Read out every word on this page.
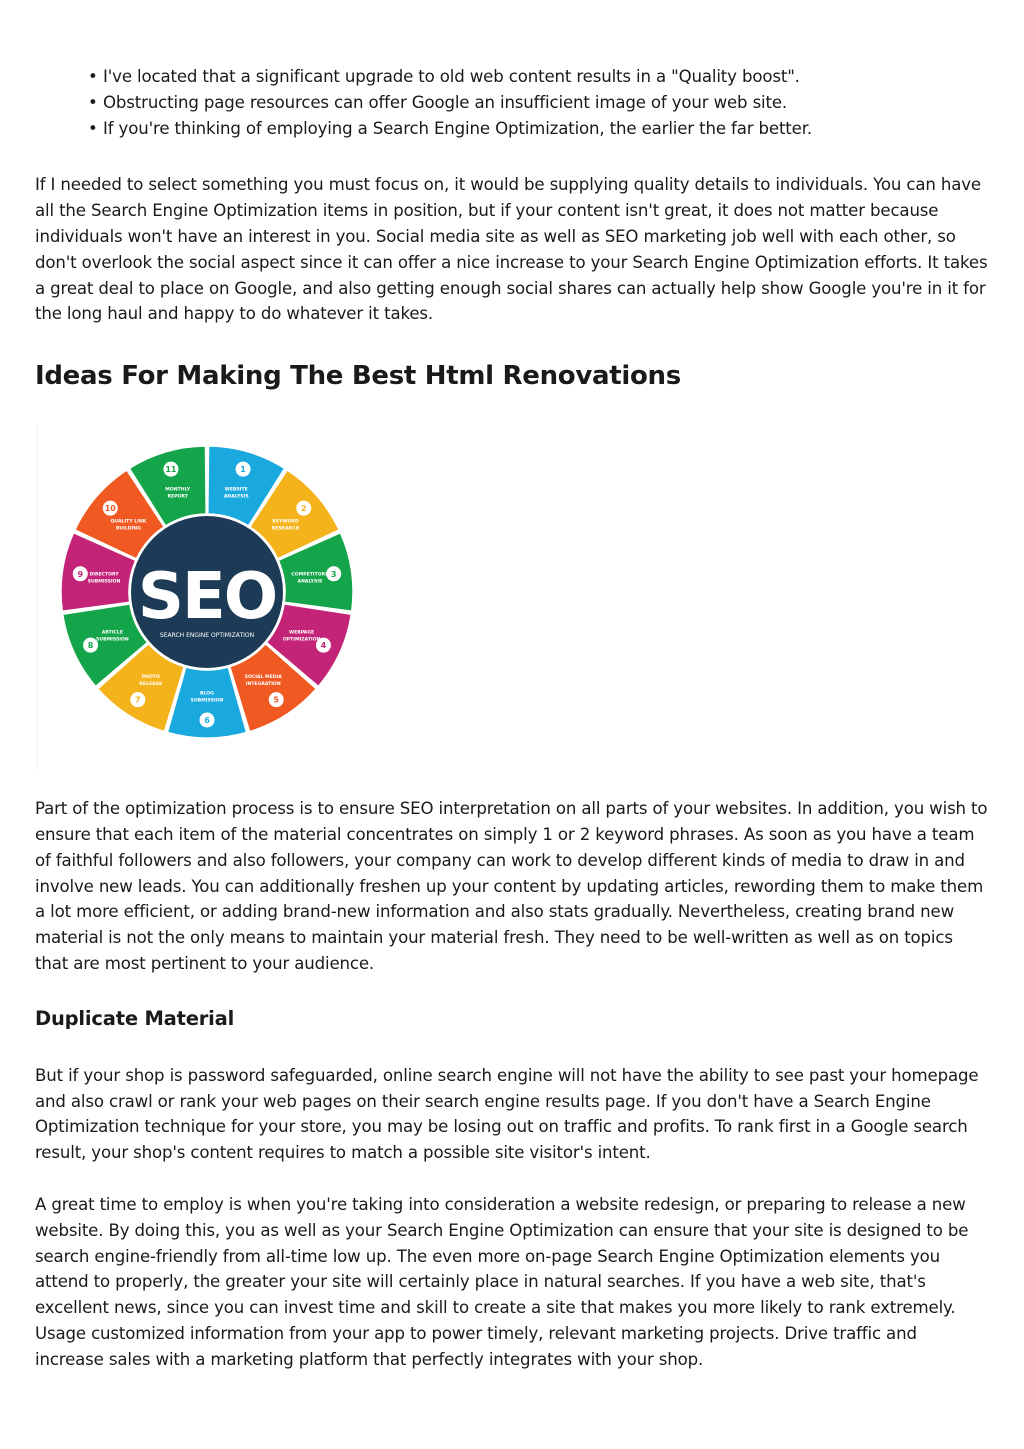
• I've located that a significant upgrade to old web content results in a "Quality boost".
• Obstructing page resources can offer Google an insufficient image of your web site.
• If you're thinking of employing a Search Engine Optimization, the earlier the far better.

If I needed to select something you must focus on, it would be supplying quality details to individuals. You can have all the Search Engine Optimization items in position, but if your content isn't great, it does not matter because individuals won't have an interest in you. Social media site as well as SEO marketing job well with each other, so don't overlook the social aspect since it can offer a nice increase to your Search Engine Optimization efforts. It takes a great deal to place on Google, and also getting enough social shares can actually help show Google you're in it for the long haul and happy to do whatever it takes.

Ideas For Making The Best Html Renovations
1
WEBSITE
ANALYSIS
2
KEYWORD
RESEARCH
3
COMPETITORS
ANALYSIS
4
WEBPAGE
OPTIMIZATION
5
SOCIAL MEDIA
INTEGRATION
6
BLOG
SUBMISSION
7
PHOTO
RELEASE
8
ARTICLE
SUBMISSION
9 DIRECTORY
SUBMISSION
10
QUALITY LINK
BUILDING
11
MONTHLY
REPORT
SEO
SEARCH ENGINE OPTIMIZATION

Part of the optimization process is to ensure SEO interpretation on all parts of your websites. In addition, you wish to ensure that each item of the material concentrates on simply 1 or 2 keyword phrases. As soon as you have a team of faithful followers and also followers, your company can work to develop different kinds of media to draw in and involve new leads. You can additionally freshen up your content by updating articles, rewording them to make them a lot more efficient, or adding brand-new information and also stats gradually. Nevertheless, creating brand new material is not the only means to maintain your material fresh. They need to be well-written as well as on topics that are most pertinent to your audience.

Duplicate Material

But if your shop is password safeguarded, online search engine will not have the ability to see past your homepage and also crawl or rank your web pages on their search engine results page. If you don't have a Search Engine Optimization technique for your store, you may be losing out on traffic and profits. To rank first in a Google search result, your shop's content requires to match a possible site visitor's intent.

A great time to employ is when you're taking into consideration a website redesign, or preparing to release a new website. By doing this, you as well as your Search Engine Optimization can ensure that your site is designed to be search engine-friendly from all-time low up. The even more on-page Search Engine Optimization elements you attend to properly, the greater your site will certainly place in natural searches. If you have a web site, that's excellent news, since you can invest time and skill to create a site that makes you more likely to rank extremely. Usage customized information from your app to power timely, relevant marketing projects. Drive traffic and increase sales with a marketing platform that perfectly integrates with your shop.
